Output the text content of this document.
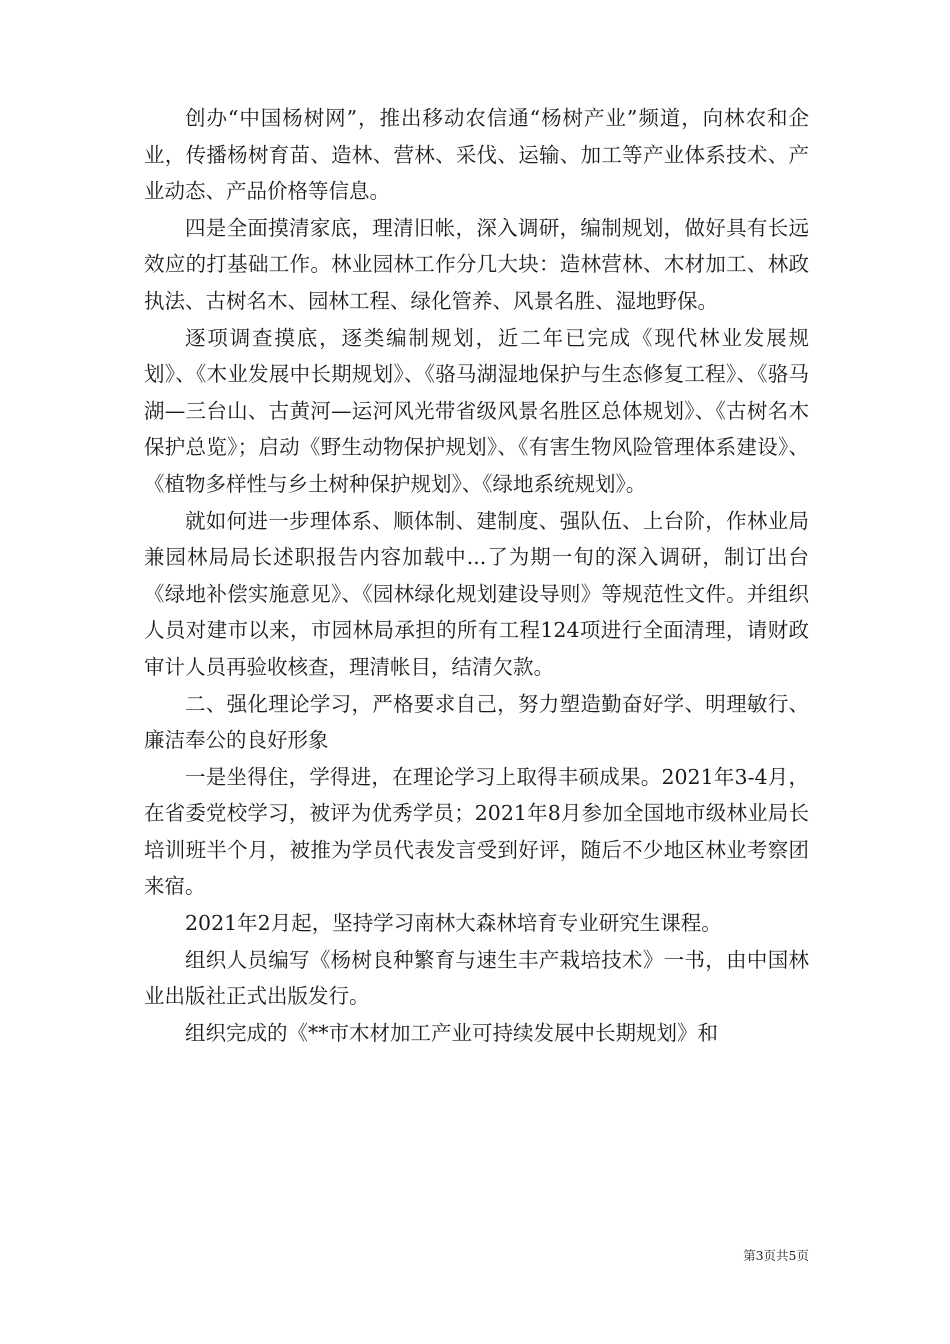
创办“中国杨树网”，推出移动农信通“杨树产业”频道，向林农和企业，传播杨树育苗、造林、营林、采伐、运输、加工等产业体系技术、产业动态、产品价格等信息。

四是全面摸清家底，理清旧帐，深入调研，编制规划，做好具有长远效应的打基础工作。林业园林工作分几大块：造林营林、木材加工、林政执法、古树名木、园林工程、绿化管养、风景名胜、湿地野保。

逐项调查摸底，逐类编制规划，近二年已完成《现代林业发展规划》、《木业发展中长期规划》、《骆马湖湿地保护与生态修复工程》、《骆马湖—三台山、古黄河—运河风光带省级风景名胜区总体规划》、《古树名木保护总览》；启动《野生动物保护规划》、《有害生物风险管理体系建设》、《植物多样性与乡土树种保护规划》、《绿地系统规划》。

就如何进一步理体系、顺体制、建制度、强队伍、上台阶，作林业局兼园林局局长述职报告内容加载中...了为期一旬的深入调研，制订出台《绿地补偿实施意见》、《园林绿化规划建设导则》等规范性文件。并组织人员对建市以来，市园林局承担的所有工程124项进行全面清理，请财政审计人员再验收核查，理清帐目，结清欠款。

二、强化理论学习，严格要求自己，努力塑造勤奋好学、明理敏行、廉洁奉公的良好形象

一是坐得住，学得进，在理论学习上取得丰硕成果。2021年3-4月，在省委党校学习，被评为优秀学员；2021年8月参加全国地市级林业局长培训班半个月，被推为学员代表发言受到好评，随后不少地区林业考察团来宿。

2021年2月起，坚持学习南林大森林培育专业研究生课程。

组织人员编写《杨树良种繁育与速生丰产栽培技术》一书，由中国林业出版社正式出版发行。

组织完成的《**市木材加工产业可持续发展中长期规划》和

第3页共5页
